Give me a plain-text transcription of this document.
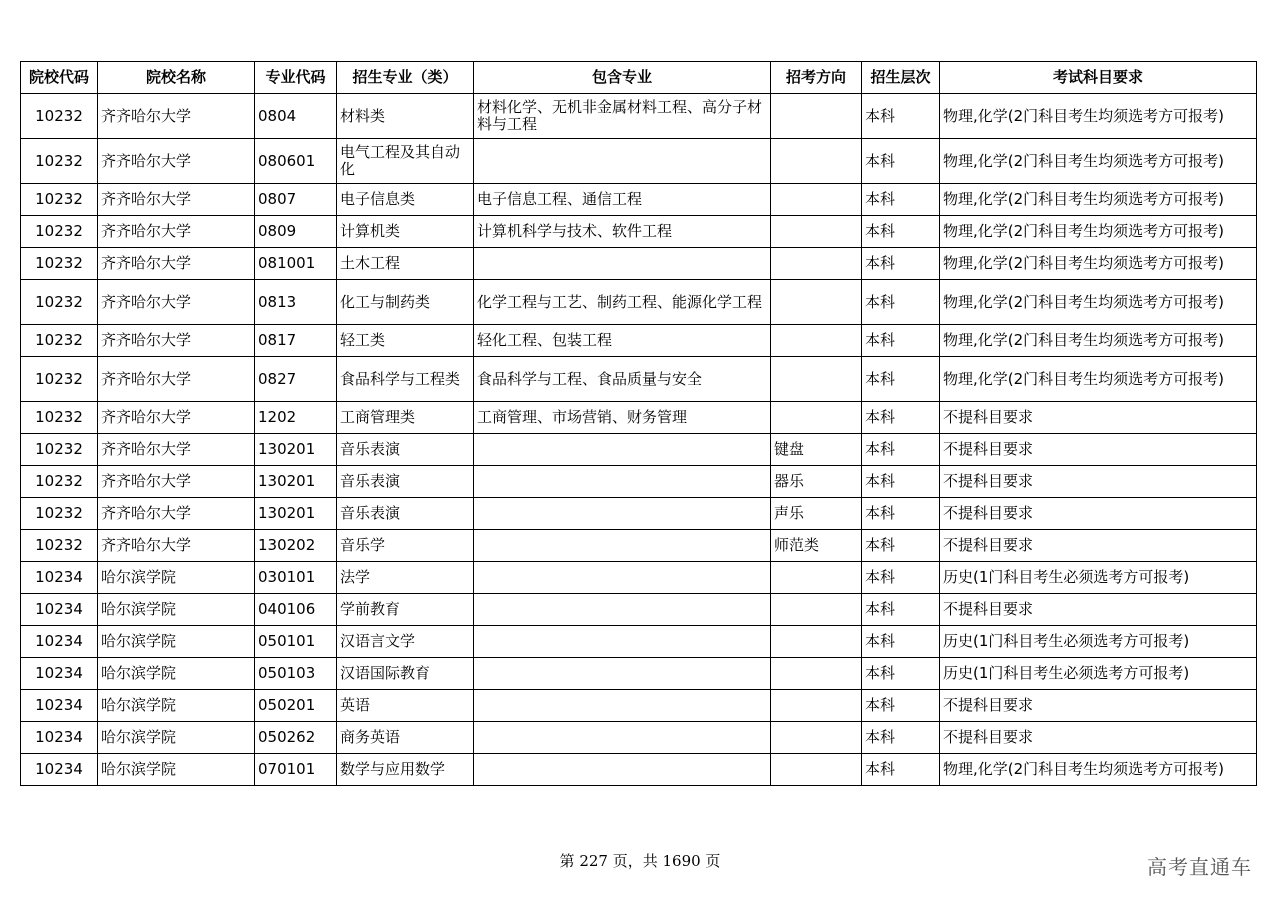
院校代码	院校名称	专业代码	招生专业（类）	包含专业	招考方向	招生层次	考试科目要求
10232	齐齐哈尔大学	0804	材料类	材料化学、无机非金属材料工程、高分子材料与工程		本科	物理,化学(2门科目考生均须选考方可报考)
10232	齐齐哈尔大学	080601	电气工程及其自动化			本科	物理,化学(2门科目考生均须选考方可报考)
10232	齐齐哈尔大学	0807	电子信息类	电子信息工程、通信工程		本科	物理,化学(2门科目考生均须选考方可报考)
10232	齐齐哈尔大学	0809	计算机类	计算机科学与技术、软件工程		本科	物理,化学(2门科目考生均须选考方可报考)
10232	齐齐哈尔大学	081001	土木工程			本科	物理,化学(2门科目考生均须选考方可报考)
10232	齐齐哈尔大学	0813	化工与制药类	化学工程与工艺、制药工程、能源化学工程		本科	物理,化学(2门科目考生均须选考方可报考)
10232	齐齐哈尔大学	0817	轻工类	轻化工程、包装工程		本科	物理,化学(2门科目考生均须选考方可报考)
10232	齐齐哈尔大学	0827	食品科学与工程类	食品科学与工程、食品质量与安全		本科	物理,化学(2门科目考生均须选考方可报考)
10232	齐齐哈尔大学	1202	工商管理类	工商管理、市场营销、财务管理		本科	不提科目要求
10232	齐齐哈尔大学	130201	音乐表演		键盘	本科	不提科目要求
10232	齐齐哈尔大学	130201	音乐表演		器乐	本科	不提科目要求
10232	齐齐哈尔大学	130201	音乐表演		声乐	本科	不提科目要求
10232	齐齐哈尔大学	130202	音乐学		师范类	本科	不提科目要求
10234	哈尔滨学院	030101	法学			本科	历史(1门科目考生必须选考方可报考)
10234	哈尔滨学院	040106	学前教育			本科	不提科目要求
10234	哈尔滨学院	050101	汉语言文学			本科	历史(1门科目考生必须选考方可报考)
10234	哈尔滨学院	050103	汉语国际教育			本科	历史(1门科目考生必须选考方可报考)
10234	哈尔滨学院	050201	英语			本科	不提科目要求
10234	哈尔滨学院	050262	商务英语			本科	不提科目要求
10234	哈尔滨学院	070101	数学与应用数学			本科	物理,化学(2门科目考生均须选考方可报考)
第 227 页，共 1690 页	高考直通车
